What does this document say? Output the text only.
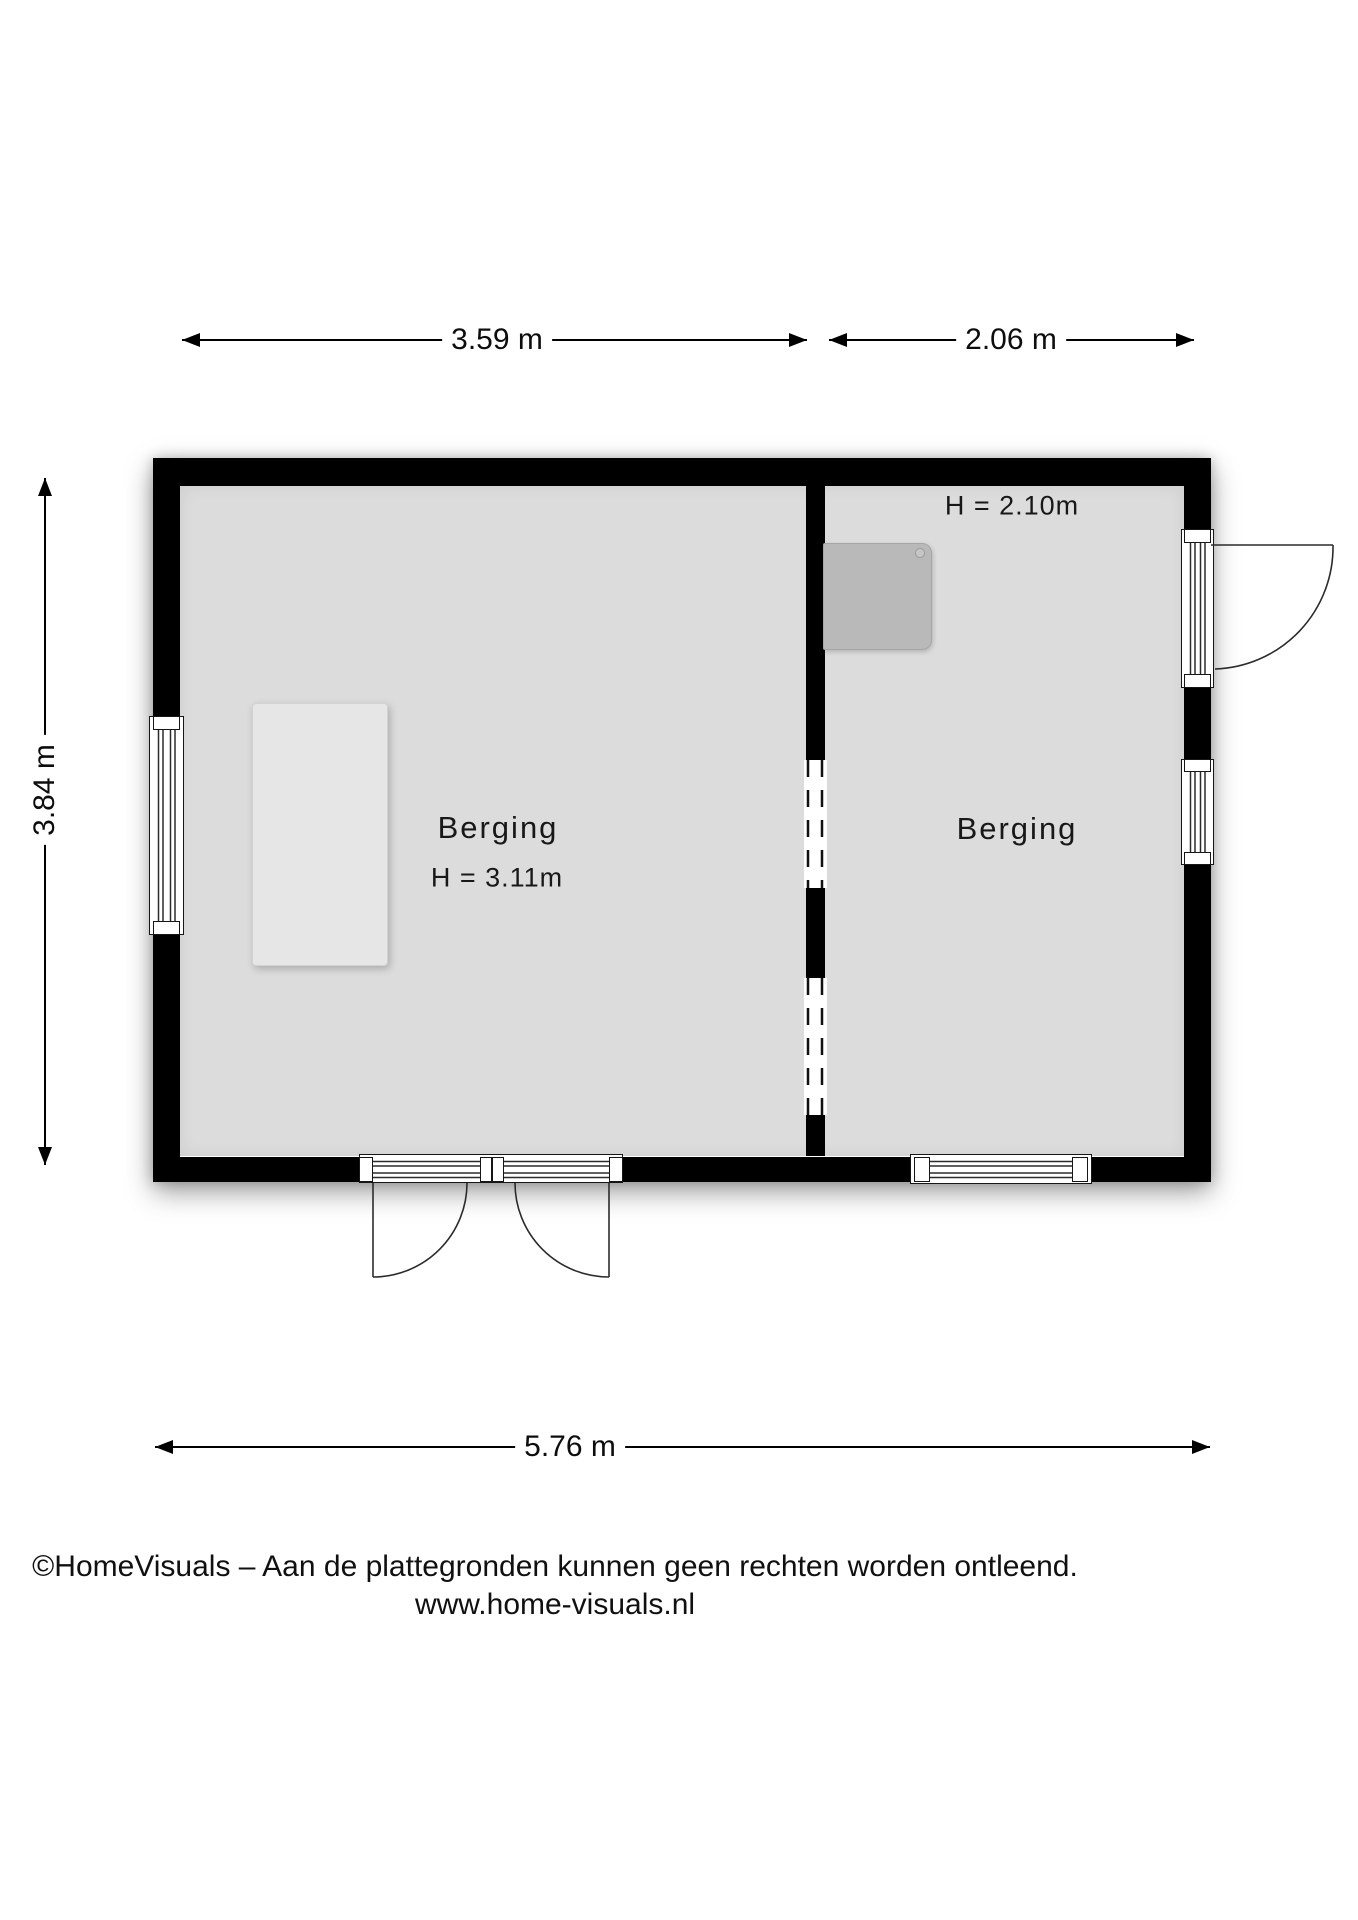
3.59 m	2.06 m
3.84 m
5.76 m
Berging
H = 3.11m
Berging
H = 2.10m
©HomeVisuals – Aan de plattegronden kunnen geen rechten worden ontleend.
www.home-visuals.nl
